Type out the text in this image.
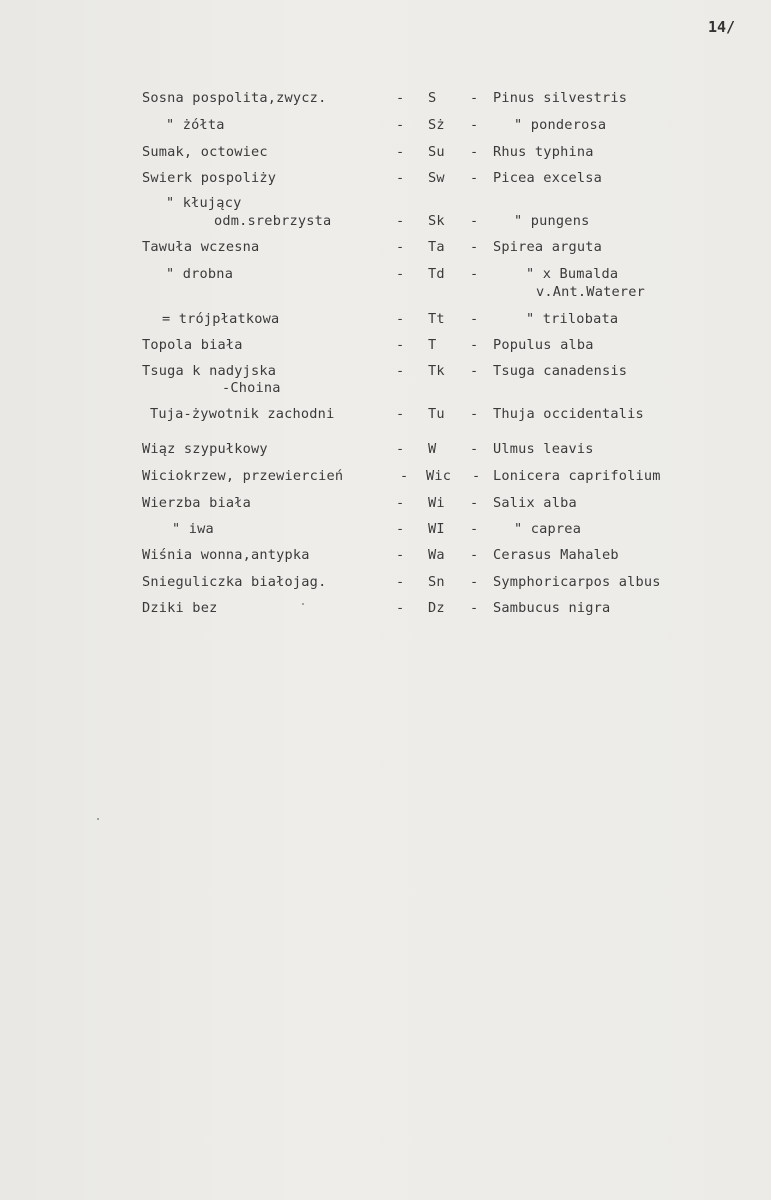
14/
Sosna pospolita,zwycz.	- S - Pinus silvestris
" żółta	- Sż -	" ponderosa
Sumak, octowiec	- Su - Rhus typhina
Swierk pospoliży	- Sw - Picea excelsa
" kłujący
odm.srebrzysta	- Sk -	" pungens
Tawuła wczesna	- Ta - Spirea arguta
" drobna	- Td -	" x Bumalda
v.Ant.Waterer
= trójpłatkowa	- Tt -	" trilobata
Topola biała	- T - Populus alba
Tsuga k nadyjska	- Tk - Tsuga canadensis
-Choina
Tuja-żywotnik zachodni	- Tu - Thuja occidentalis
Wiąz szypułkowy	- W - Ulmus leavis
Wiciokrzew, przewiercień	- Wic - Lonicera caprifolium
Wierzba biała	- Wi - Salix alba
" iwa	- WI -	" caprea
Wiśnia wonna,antypka	- Wa - Cerasus Mahaleb
Snieguliczka białojag.	- Sn - Symphoricarpos albus
Dziki bez	- Dz - Sambucus nigra
